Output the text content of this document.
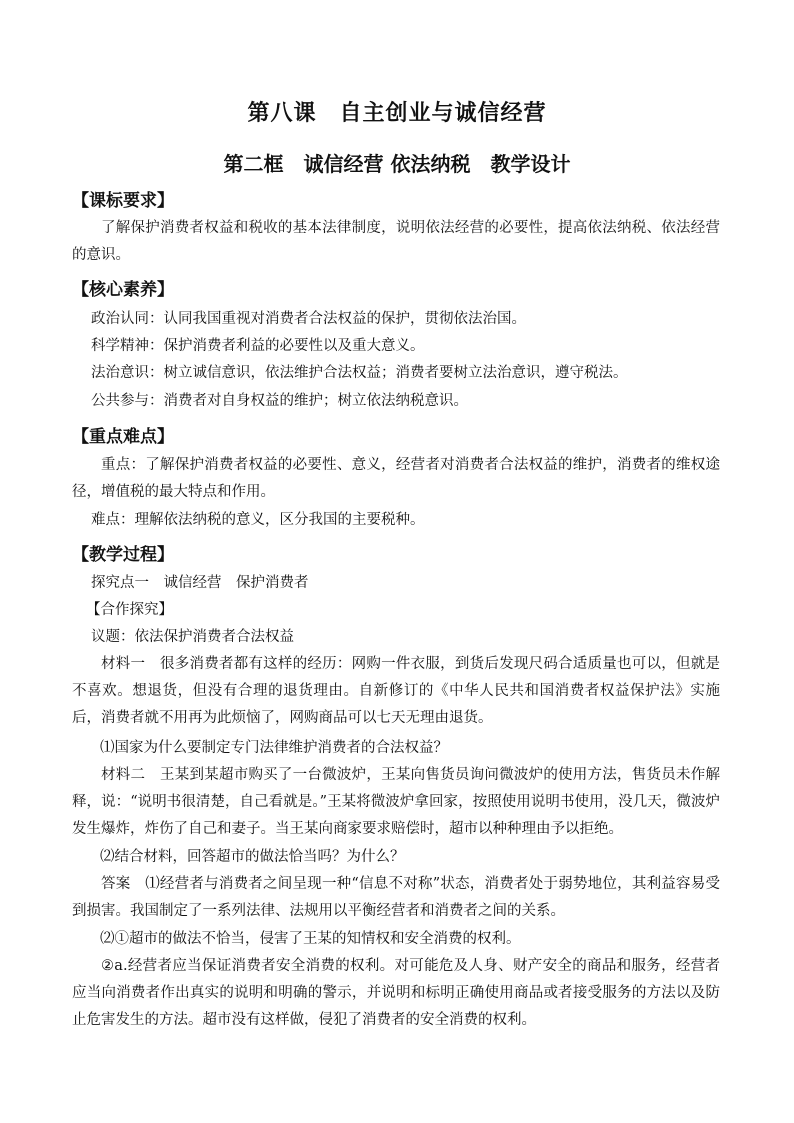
第八课　自主创业与诚信经营
第二框　诚信经营 依法纳税　教学设计
【课标要求】

了解保护消费者权益和税收的基本法律制度，说明依法经营的必要性，提高依法纳税、依法经营的意识。

【核心素养】
政治认同：认同我国重视对消费者合法权益的保护，贯彻依法治国。
科学精神：保护消费者利益的必要性以及重大意义。
法治意识：树立诚信意识，依法维护合法权益；消费者要树立法治意识，遵守税法。
公共参与：消费者对自身权益的维护；树立依法纳税意识。
【重点难点】

重点：了解保护消费者权益的必要性、意义，经营者对消费者合法权益的维护，消费者的维权途径，增值税的最大特点和作用。

难点：理解依法纳税的意义，区分我国的主要税种。
【教学过程】
探究点一　诚信经营　保护消费者
【合作探究】
议题：依法保护消费者合法权益

材料一　很多消费者都有这样的经历：网购一件衣服，到货后发现尺码合适质量也可以，但就是不喜欢。想退货，但没有合理的退货理由。自新修订的《中华人民共和国消费者权益保护法》实施后，消费者就不用再为此烦恼了，网购商品可以七天无理由退货。

⑴国家为什么要制定专门法律维护消费者的合法权益？

材料二　王某到某超市购买了一台微波炉，王某向售货员询问微波炉的使用方法，售货员未作解释，说：“说明书很清楚，自己看就是。”王某将微波炉拿回家，按照使用说明书使用，没几天，微波炉发生爆炸，炸伤了自己和妻子。当王某向商家要求赔偿时，超市以种种理由予以拒绝。

⑵结合材料，回答超市的做法恰当吗？为什么？

答案　⑴经营者与消费者之间呈现一种“信息不对称”状态，消费者处于弱势地位，其利益容易受到损害。我国制定了一系列法律、法规用以平衡经营者和消费者之间的关系。

⑵①超市的做法不恰当，侵害了王某的知情权和安全消费的权利。

②a.经营者应当保证消费者安全消费的权利。对可能危及人身、财产安全的商品和服务，经营者应当向消费者作出真实的说明和明确的警示，并说明和标明正确使用商品或者接受服务的方法以及防止危害发生的方法。超市没有这样做，侵犯了消费者的安全消费的权利。
